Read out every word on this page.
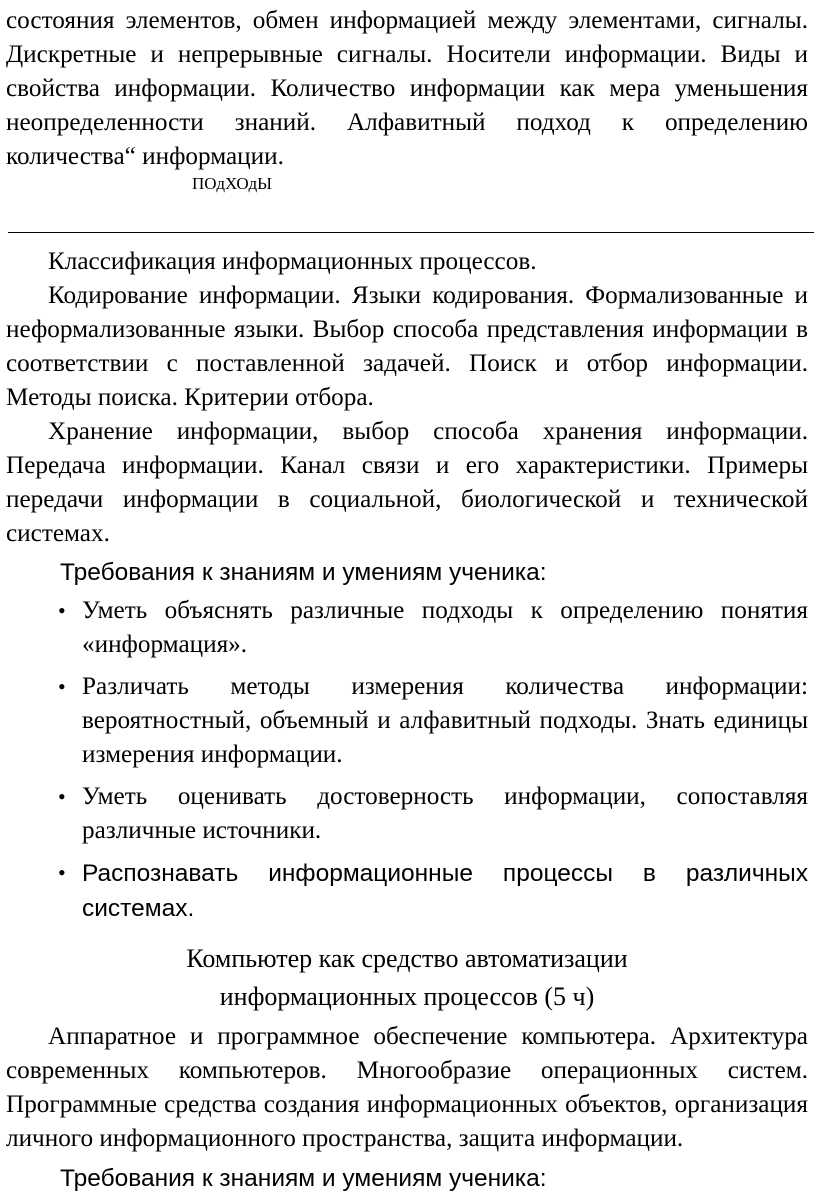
состояния элементов, обмен информацией между элементами, сигналы. Дискретные и непрерывные сигналы. Носители информации. Виды и свойства информации. Количество информации как мера уменьшения неопределенности знаний. Алфавитный подход к определению количества“ информации.

ПОдХОдЫ

Классификация информационных процессов.

Кодирование информации. Языки кодирования. Формализованные и неформализованные языки. Выбор способа представления информации в соответствии с поставленной задачей. Поиск и отбор информации. Методы поиска. Критерии отбора.

Хранение информации, выбор способа хранения информации. Передача информации. Канал связи и его характеристики. Примеры передачи информации в социальной, биологической и технической системах.

Требования к знаниям и умениям ученика:
• Уметь объяснять различные подходы к определению понятия «информация».
• Различать методы измерения количества информации: вероятностный, объемный и алфавитный подходы. Знать единицы измерения информации.
• Уметь оценивать достоверность информации, сопоставляя различные источники.
• Распознавать информационные процессы в различных системах.
Компьютер как средство автоматизации
информационных процессов (5 ч)

Аппаратное и программное обеспечение компьютера. Архитектура современных компьютеров. Многообразие операционных систем. Программные средства создания информационных объектов, организация личного информационного пространства, защита информации.

Требования к знаниям и умениям ученика:
